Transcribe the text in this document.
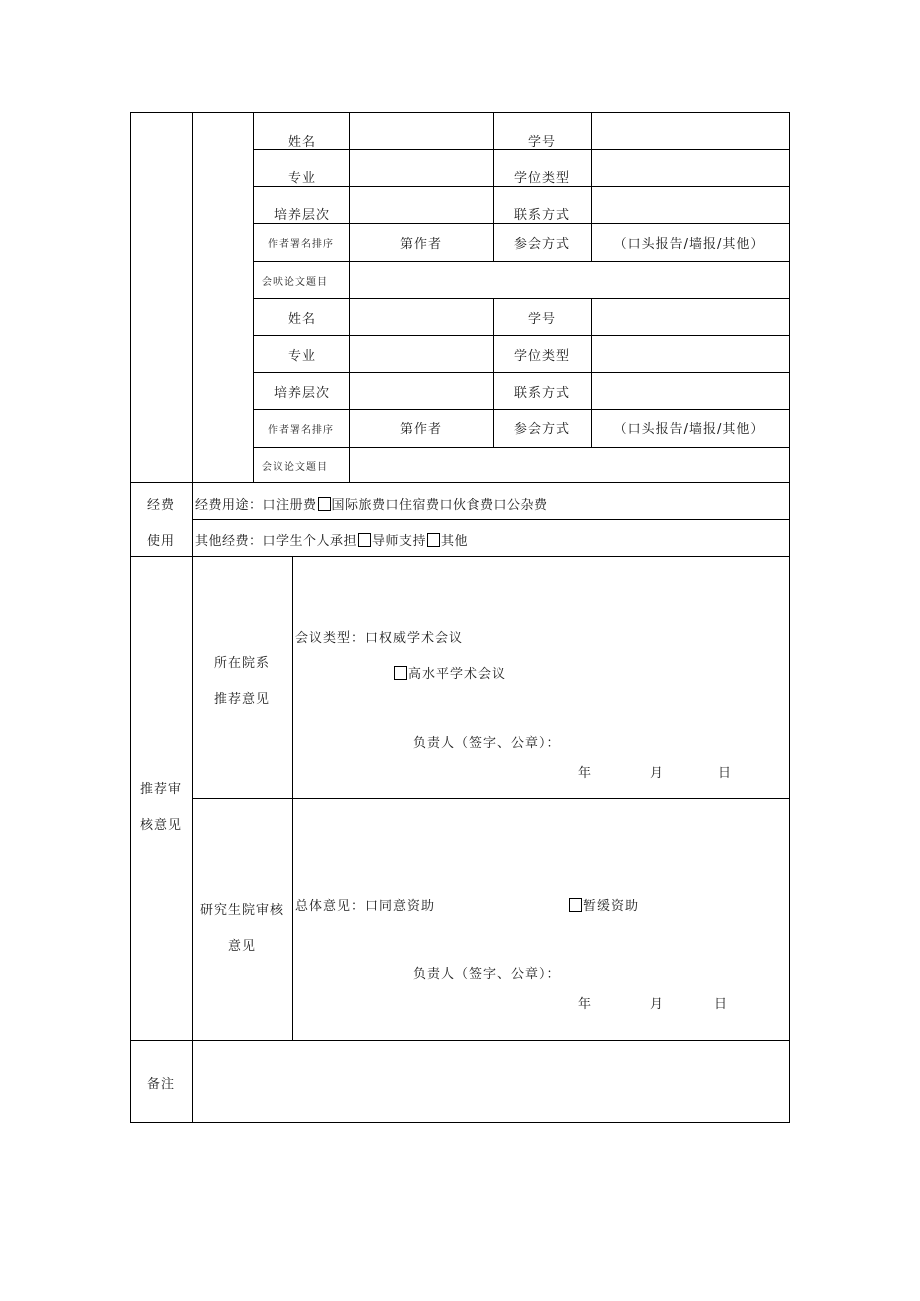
姓名	学号
专业	学位类型
培养层次	联系方式
作者署名排序	第作者	参会方式	（口头报告/墙报/其他）
会吠论文题目
姓名	学号
专业	学位类型
培养层次	联系方式
作者署名排序	第作者	参会方式	（口头报告/墙报/其他）
会议论文题目
经费
使用
经费用途：口注册费 国际旅费口住宿费口伙食费口公杂费
其他经费：口学生个人承担 导师支持 其他
推荐审
核意见
所在院系
推荐意见
会议类型：口权威学术会议
高水平学术会议
负责人（签字、公章）：
年	月	日
研究生院审核
意见
总体意见：口同意资助	暂缓资助
负责人（签字、公章）：
年	月	日
备注
